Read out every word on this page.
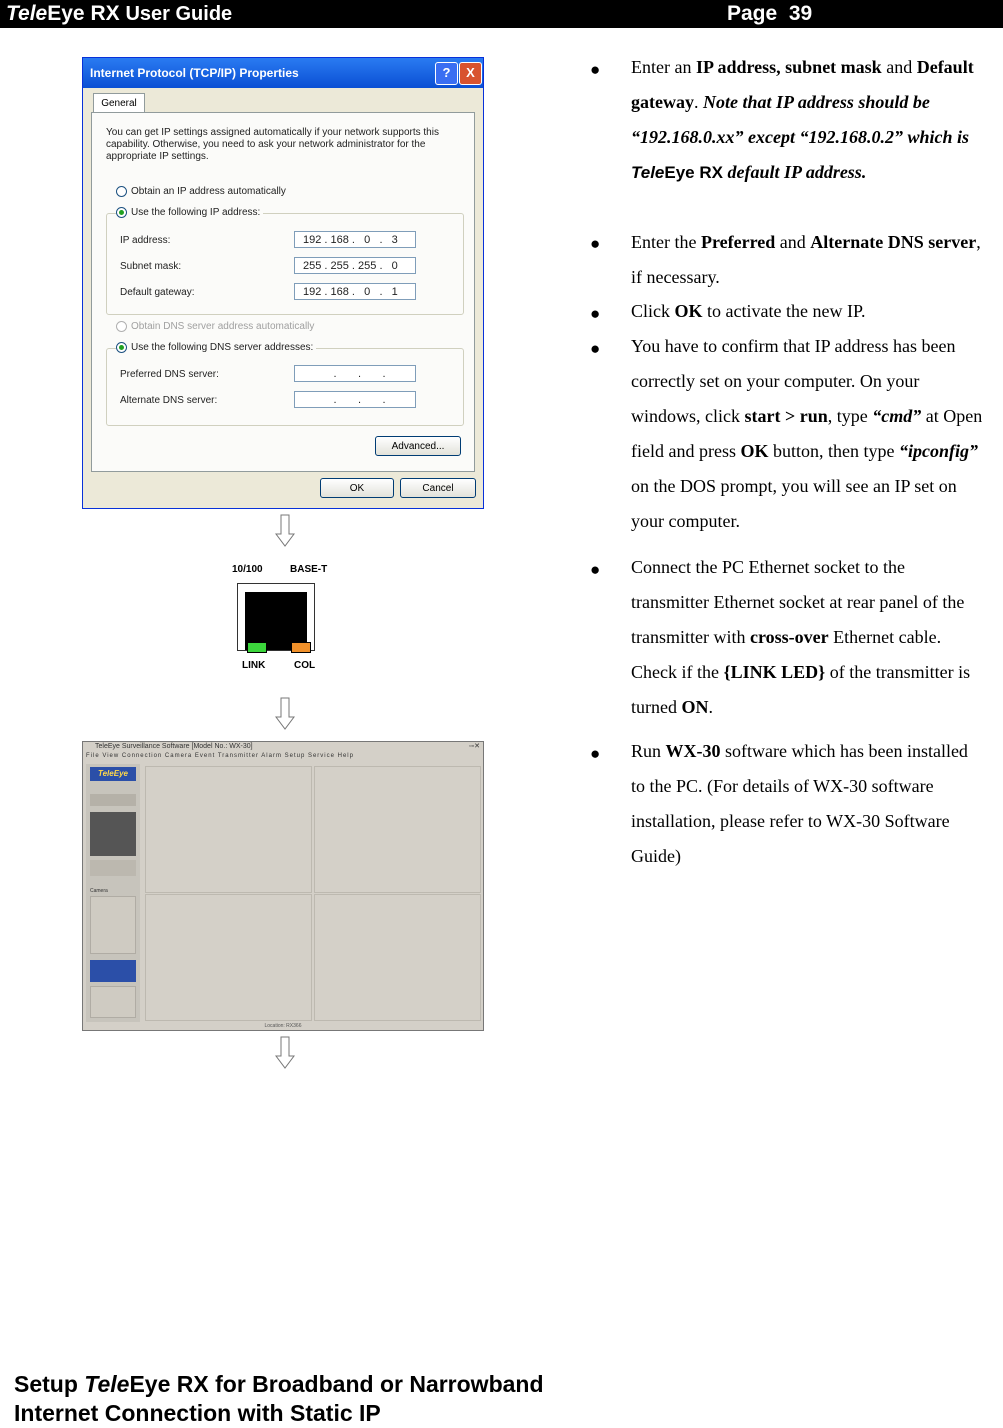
TeleEye RX User Guide	Page 39
Internet Protocol (TCP/IP) Properties	?	X
General
You can get IP settings assigned automatically if your network supports this capability. Otherwise, you need to ask your network administrator for the appropriate IP settings.
Obtain an IP address automatically
Use the following IP address:
IP address:	192 . 168 .   0   .   3
Subnet mask:	255 . 255 . 255 .   0
Default gateway:	192 . 168 .   0   .   1
Obtain DNS server address automatically
Use the following DNS server addresses:
Preferred DNS server:	.       .       .
Alternate DNS server:	.       .       .
Advanced...
OK	Cancel
10/100	BASE-T
LINK	COL
TeleEye Surveillance Software [Model No.: WX-30]	▫▫✕
File View Connection Camera Event Transmitter Alarm Setup Service Help
TeleEye
Camera
Location: RX366
● Enter an IP address, subnet mask and Default gateway. Note that IP address should be “192.168.0.xx” except “192.168.0.2” which is TeleEye RX default IP address.
● Enter the Preferred and Alternate DNS server, if necessary.
● Click OK to activate the new IP.
● You have to confirm that IP address has been correctly set on your computer. On your windows, click start > run, type “cmd” at Open field and press OK button, then type “ipconfig” on the DOS prompt, you will see an IP set on your computer.
● Connect the PC Ethernet socket to the transmitter Ethernet socket at rear panel of the transmitter with cross-over Ethernet cable. Check if the {LINK LED} of the transmitter is turned ON.
● Run WX-30 software which has been installed to the PC. (For details of WX-30 software installation, please refer to WX-30 Software Guide)
Setup TeleEye RX for Broadband or Narrowband
Internet Connection with Static IP
